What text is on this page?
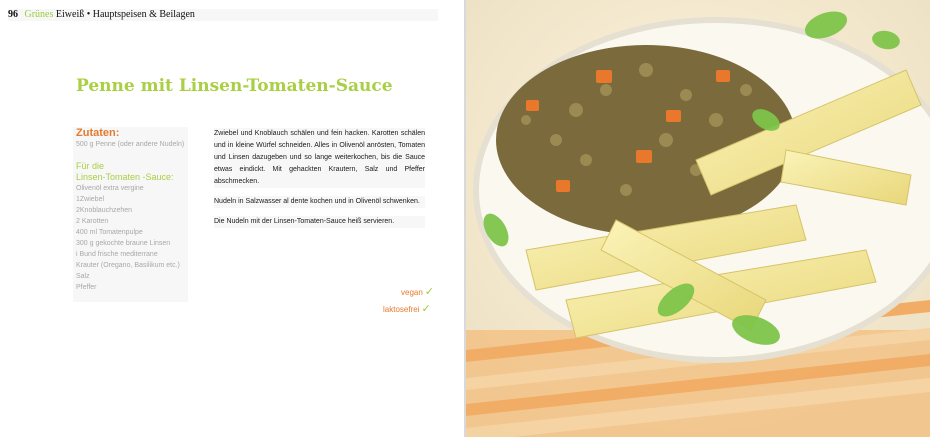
96 Grünes Eiweiß • Hauptspeisen & Beilagen
Penne mit Linsen-Tomaten-Sauce
Zutaten:
500 g Penne (oder andere Nudeln)
Für die
Linsen-Tomaten -Sauce:
Olivenöl extra vergine
1Zwiebel
2Knoblauchzehen
2 Karotten
400 ml Tomatenpulpe
300 g gekochte braune Linsen
i Bund frische mediterrane
Krauter (Oregano, Basilikum etc.)
Salz
Pfeffer

Zwiebel und Knoblauch schälen und fein hacken. Karotten schälen und in kleine Würfel schneiden. Alles in Olivenöl anrösten, Tomaten und Linsen dazugeben und so lange weiterkochen, bis die Sauce etwas eindickt. Mit gehackten Krautern, Salz und Pfeffer abschmecken.

Nudeln in Salzwasser al dente kochen und in Olivenöl schwenken.

Die Nudeln mit der Linsen-Tomaten-Sauce heiß servieren.

vegan ✓
laktosefrei ✓
